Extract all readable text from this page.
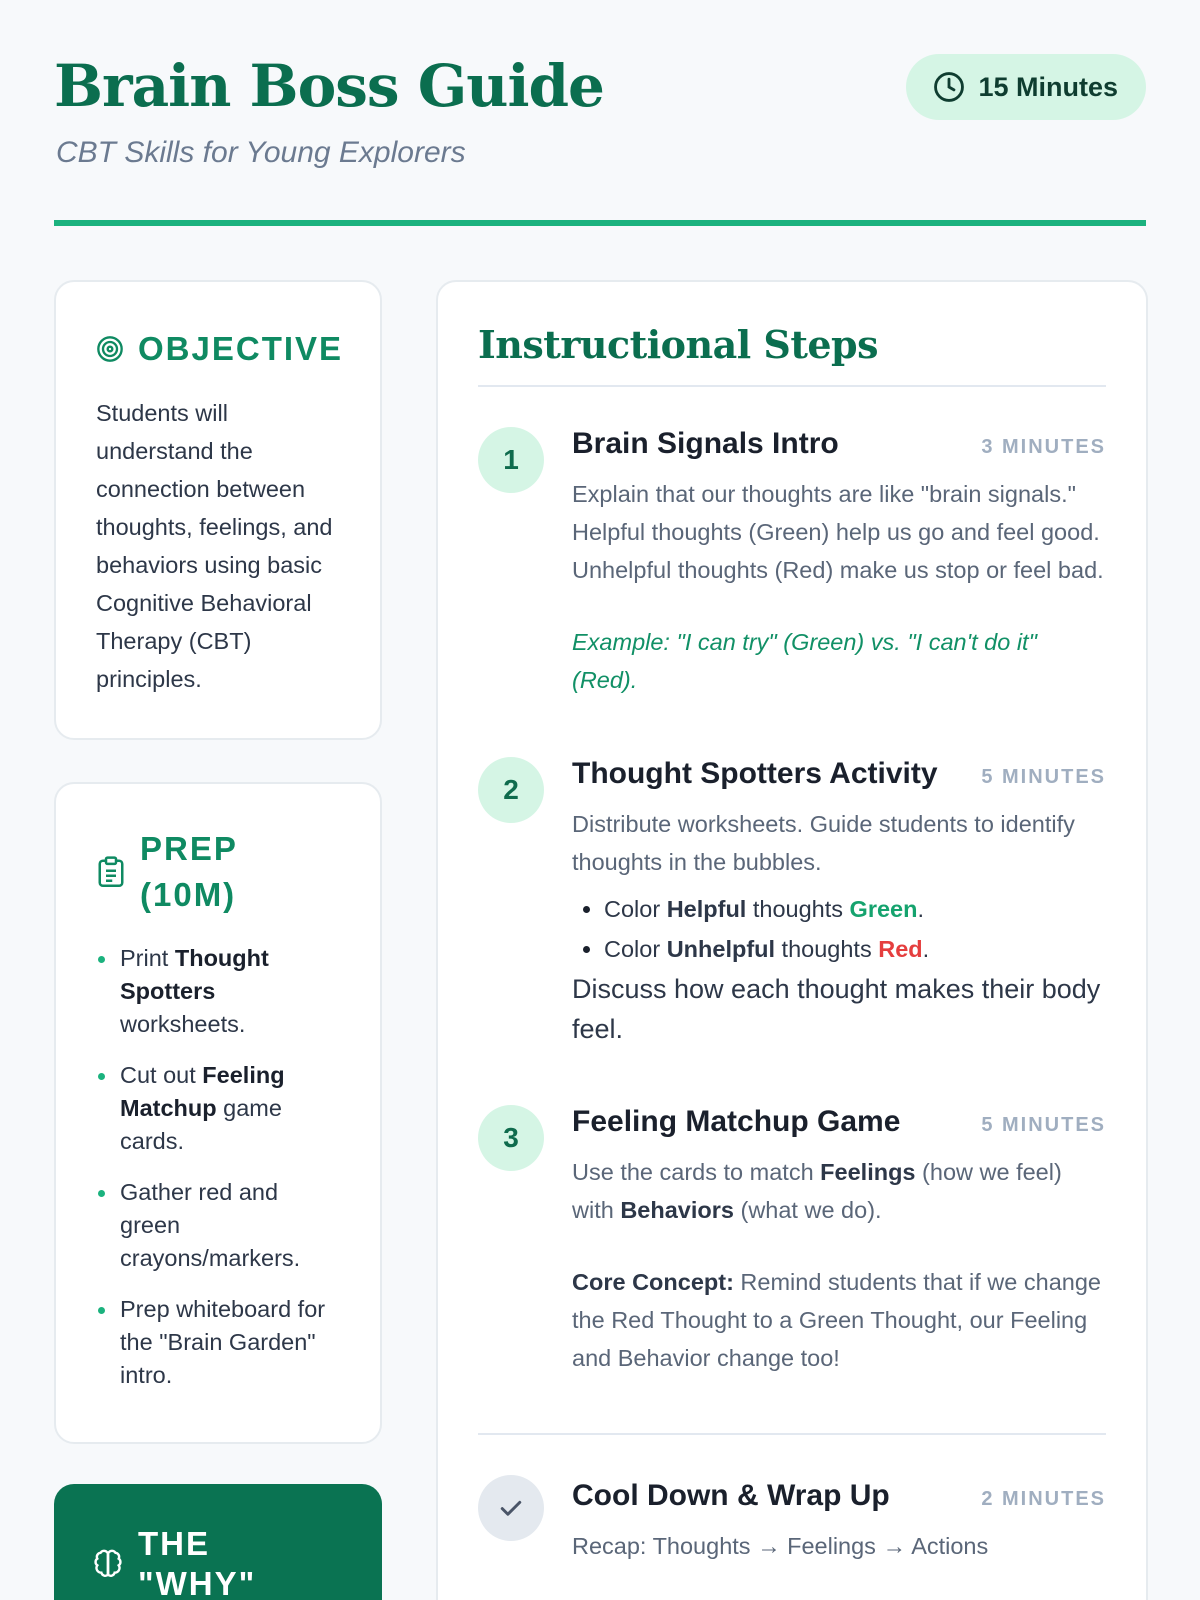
Brain Boss Guide
CBT Skills for Young Explorers
15 Minutes
OBJECTIVE

Students will understand the connection between thoughts, feelings, and behaviors using basic Cognitive Behavioral Therapy (CBT) principles.

PREP
(10M)
Print Thought Spotters worksheets.
Cut out Feeling Matchup game cards.
Gather red and green crayons/markers.
Prep whiteboard for the "Brain Garden" intro.
THE
"WHY"
Instructional Steps
1	Brain Signals Intro	3 MINUTES

Explain that our thoughts are like "brain signals." Helpful thoughts (Green) help us go and feel good. Unhelpful thoughts (Red) make us stop or feel bad.

Example: "I can try" (Green) vs. "I can't do it" (Red).

2	Thought Spotters Activity 5 MINUTES

Distribute worksheets. Guide students to identify thoughts in the bubbles.

• Color Helpful thoughts Green.
• Color Unhelpful thoughts Red.

Discuss how each thought makes their body feel.

3	Feeling Matchup Game	5 MINUTES

Use the cards to match Feelings (how we feel) with Behaviors (what we do).

Core Concept: Remind students that if we change the Red Thought to a Green Thought, our Feeling and Behavior change too!

Cool Down & Wrap Up	2 MINUTES

Recap: Thoughts → Feelings → Actions
